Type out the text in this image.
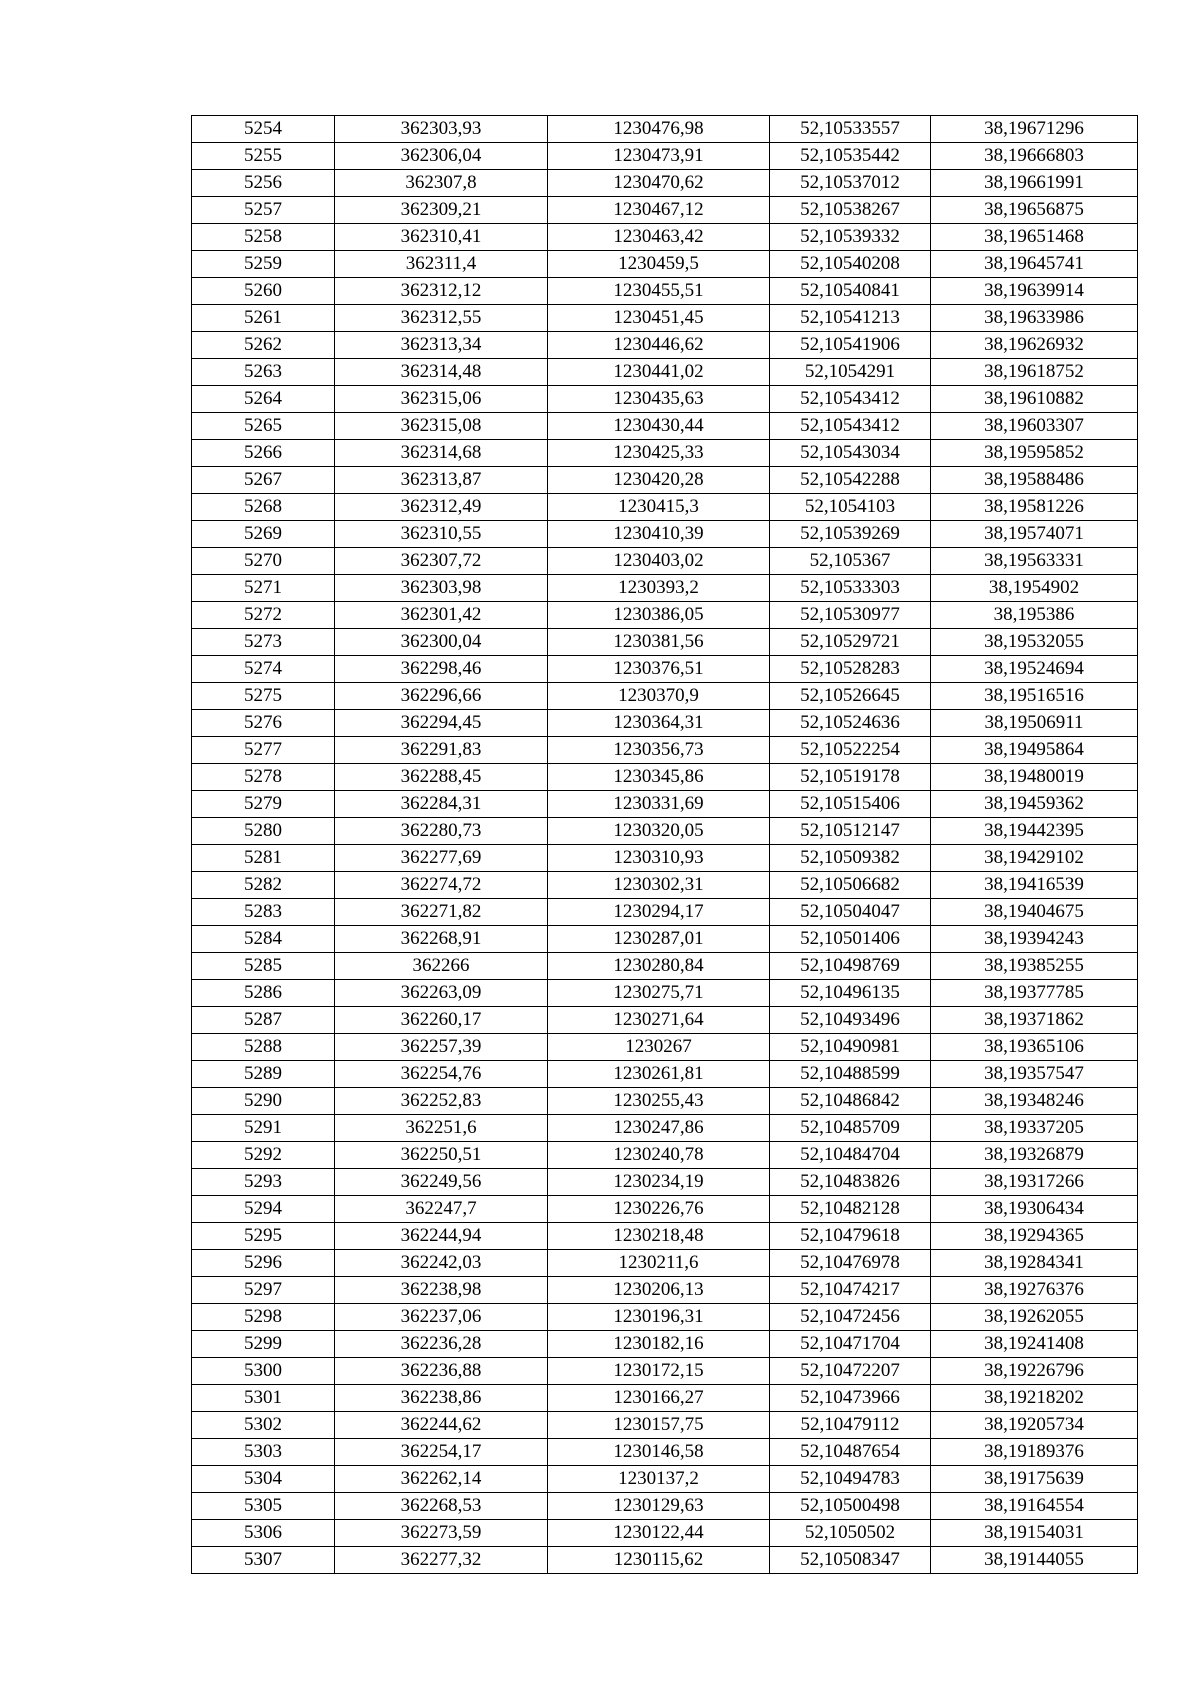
5254	362303,93	1230476,98	52,10533557	38,19671296
5255	362306,04	1230473,91	52,10535442	38,19666803
5256	362307,8	1230470,62	52,10537012	38,19661991
5257	362309,21	1230467,12	52,10538267	38,19656875
5258	362310,41	1230463,42	52,10539332	38,19651468
5259	362311,4	1230459,5	52,10540208	38,19645741
5260	362312,12	1230455,51	52,10540841	38,19639914
5261	362312,55	1230451,45	52,10541213	38,19633986
5262	362313,34	1230446,62	52,10541906	38,19626932
5263	362314,48	1230441,02	52,1054291	38,19618752
5264	362315,06	1230435,63	52,10543412	38,19610882
5265	362315,08	1230430,44	52,10543412	38,19603307
5266	362314,68	1230425,33	52,10543034	38,19595852
5267	362313,87	1230420,28	52,10542288	38,19588486
5268	362312,49	1230415,3	52,1054103	38,19581226
5269	362310,55	1230410,39	52,10539269	38,19574071
5270	362307,72	1230403,02	52,105367	38,19563331
5271	362303,98	1230393,2	52,10533303	38,1954902
5272	362301,42	1230386,05	52,10530977	38,195386
5273	362300,04	1230381,56	52,10529721	38,19532055
5274	362298,46	1230376,51	52,10528283	38,19524694
5275	362296,66	1230370,9	52,10526645	38,19516516
5276	362294,45	1230364,31	52,10524636	38,19506911
5277	362291,83	1230356,73	52,10522254	38,19495864
5278	362288,45	1230345,86	52,10519178	38,19480019
5279	362284,31	1230331,69	52,10515406	38,19459362
5280	362280,73	1230320,05	52,10512147	38,19442395
5281	362277,69	1230310,93	52,10509382	38,19429102
5282	362274,72	1230302,31	52,10506682	38,19416539
5283	362271,82	1230294,17	52,10504047	38,19404675
5284	362268,91	1230287,01	52,10501406	38,19394243
5285	362266	1230280,84	52,10498769	38,19385255
5286	362263,09	1230275,71	52,10496135	38,19377785
5287	362260,17	1230271,64	52,10493496	38,19371862
5288	362257,39	1230267	52,10490981	38,19365106
5289	362254,76	1230261,81	52,10488599	38,19357547
5290	362252,83	1230255,43	52,10486842	38,19348246
5291	362251,6	1230247,86	52,10485709	38,19337205
5292	362250,51	1230240,78	52,10484704	38,19326879
5293	362249,56	1230234,19	52,10483826	38,19317266
5294	362247,7	1230226,76	52,10482128	38,19306434
5295	362244,94	1230218,48	52,10479618	38,19294365
5296	362242,03	1230211,6	52,10476978	38,19284341
5297	362238,98	1230206,13	52,10474217	38,19276376
5298	362237,06	1230196,31	52,10472456	38,19262055
5299	362236,28	1230182,16	52,10471704	38,19241408
5300	362236,88	1230172,15	52,10472207	38,19226796
5301	362238,86	1230166,27	52,10473966	38,19218202
5302	362244,62	1230157,75	52,10479112	38,19205734
5303	362254,17	1230146,58	52,10487654	38,19189376
5304	362262,14	1230137,2	52,10494783	38,19175639
5305	362268,53	1230129,63	52,10500498	38,19164554
5306	362273,59	1230122,44	52,1050502	38,19154031
5307	362277,32	1230115,62	52,10508347	38,19144055
